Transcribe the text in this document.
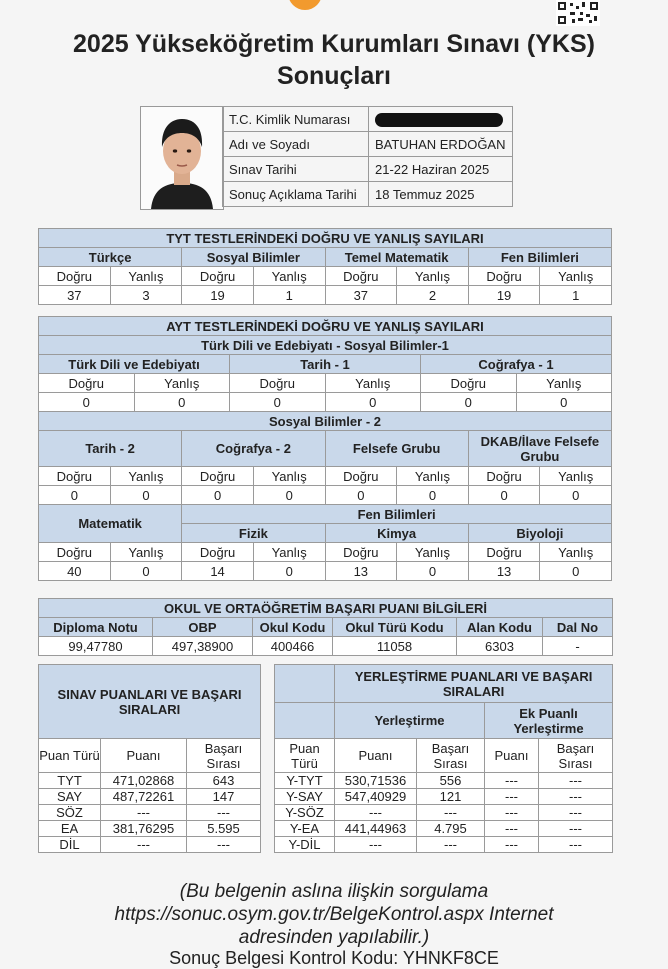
2025 Yükseköğretim Kurumları Sınavı (YKS)
Sonuçları
T.C. Kimlik Numarası	
Adı ve Soyadı	BATUHAN ERDOĞAN
Sınav Tarihi	21-22 Haziran 2025
Sonuç Açıklama Tarihi	18 Temmuz 2025
TYT TESTLERİNDEKİ DOĞRU VE YANLIŞ SAYILARI							
Türkçe		Sosyal Bilimler		Temel Matematik		Fen Bilimleri	
Doğru	Yanlış	Doğru	Yanlış	Doğru	Yanlış	Doğru	Yanlış
37	3	19	1	37	2	19	1
AYT TESTLERİNDEKİ DOĞRU VE YANLIŞ SAYILARI											
Türk Dili ve Edebiyatı - Sosyal Bilimler-1											
Türk Dili ve Edebiyatı				Tarih - 1				Coğrafya - 1			
Doğru		Yanlış		Doğru		Yanlış		Doğru		Yanlış	
0		0		0		0		0		0	
Sosyal Bilimler - 2											
Tarih - 2			Coğrafya - 2			Felsefe Grubu			DKAB/İlave Felsefe Grubu		
Doğru	Yanlış		Doğru		Yanlış	Doğru	Yanlış		Doğru		Yanlış
0	0		0		0	0	0		0		0
Matematik			Fen Bilimleri								
			Fizik			Kimya			Biyoloji		
Doğru	Yanlış		Doğru		Yanlış	Doğru	Yanlış		Doğru		Yanlış
40	0		14		0	13	0		13		0
OKUL VE ORTAÖĞRETİM BAŞARI PUANI BİLGİLERİ					
Diploma Notu	OBP	Okul Kodu	Okul Türü Kodu	Alan Kodu	Dal No
99,47780	497,38900	400466	11058	6303	-
SINAV PUANLARI VE BAŞARI SIRALARI		
Puan Türü	Puanı	Başarı Sırası
TYT	471,02868	643
SAY	487,72261	147
SÖZ	---	---
EA	381,76295	5.595
DİL	---	---
	YERLEŞTİRME PUANLARI VE BAŞARI SIRALARI			
	Yerleştirme		Ek Puanlı Yerleştirme	
Puan Türü	Puanı	Başarı Sırası	Puanı	Başarı Sırası
Y-TYT	530,71536	556	---	---
Y-SAY	547,40929	121	---	---
Y-SÖZ	---	---	---	---
Y-EA	441,44963	4.795	---	---
Y-DİL	---	---	---	---
(Bu belgenin aslına ilişkin sorgulama
https://sonuc.osym.gov.tr/BelgeKontrol.aspx Internet
adresinden yapılabilir.)
Sonuç Belgesi Kontrol Kodu: YHNKF8CE
